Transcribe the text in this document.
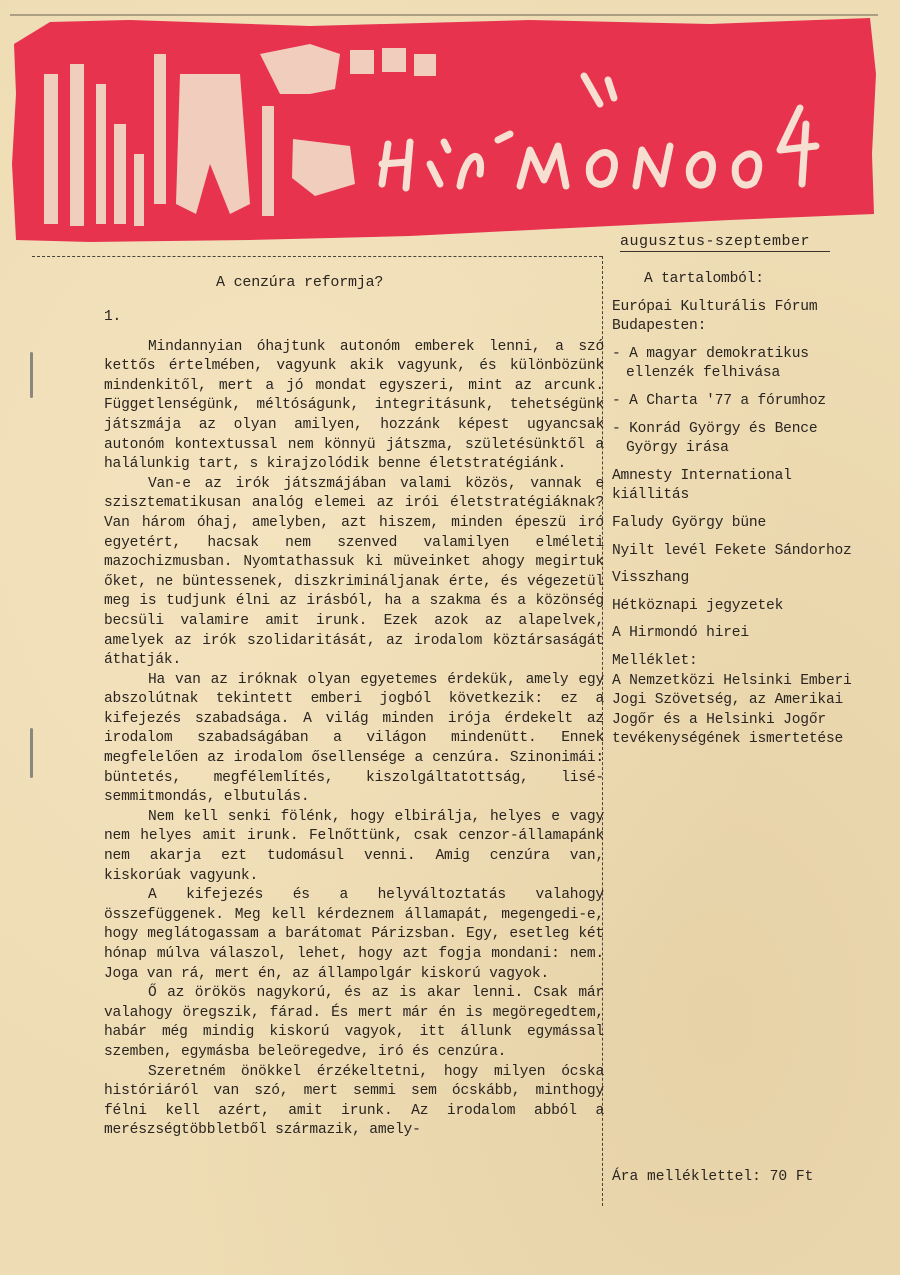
augusztus-szeptember
A cenzúra reformja?
1.

Mindannyian óhajtunk autonóm emberek lenni, a szó kettős értelmében, vagyunk akik vagyunk, és különbözünk mindenkitől, mert a jó mondat egyszeri, mint az arcunk. Függetlenségünk, méltóságunk, integritásunk, tehetségünk játszmája az olyan amilyen, hozzánk képest ugyancsak autonóm kontextussal nem könnyü játszma, születésünktől a halálunkig tart, s kirajzolódik benne életstratégiánk.

Van-e az irók játszmájában valami közös, vannak e szisztematikusan analóg elemei az irói életstratégiáknak? Van három óhaj, amelyben, azt hiszem, minden épeszü iró egyetért, hacsak nem szenved valamilyen elméleti mazochizmusban. Nyomtathassuk ki müveinket ahogy megirtuk őket, ne büntessenek, diszkrimináljanak érte, és végezetül meg is tudjunk élni az irásból, ha a szakma és a közönség becsüli valamire amit irunk. Ezek azok az alapelvek, amelyek az irók szolidaritását, az irodalom köztársaságát áthatják.

Ha van az iróknak olyan egyetemes érdekük, amely egy abszolútnak tekintett emberi jogból következik: ez a kifejezés szabadsága. A világ minden irója érdekelt az irodalom szabadságában a világon mindenütt. Ennek megfelelően az irodalom ősellensége a cenzúra. Szinonimái: büntetés, megfélemlítés, kiszolgáltatottság, lisé-semmitmondás, elbutulás.

Nem kell senki fölénk, hogy elbirálja, helyes e vagy nem helyes amit irunk. Felnőttünk, csak cenzor-államapánk nem akarja ezt tudomásul venni. Amig cenzúra van, kiskorúak vagyunk.

A kifejezés és a helyváltoztatás valahogy összefüggenek. Meg kell kérdeznem államapát, megengedi-e, hogy meglátogassam a barátomat Párizsban. Egy, esetleg két hónap múlva válaszol, lehet, hogy azt fogja mondani: nem. Joga van rá, mert én, az állampolgár kiskorú vagyok.

Ő az örökös nagykorú, és az is akar lenni. Csak már valahogy öregszik, fárad. És mert már én is megöregedtem, habár még mindig kiskorú vagyok, itt állunk egymással szemben, egymásba beleöregedve, iró és cenzúra.

Szeretném önökkel érzékeltetni, hogy milyen ócska históriáról van szó, mert semmi sem ócskább, minthogy félni kell azért, amit irunk. Az irodalom abból a merészségtöbbletből származik, amely-

A tartalomból:
Európai Kulturális Fórum Budapesten:
- A magyar demokratikus ellenzék felhivása
- A Charta '77 a fórumhoz
- Konrád György és Bence György irása
Amnesty International kiállitás
Faludy György büne
Nyilt levél Fekete Sándorhoz
Visszhang
Hétköznapi jegyzetek
A Hirmondó hirei
Melléklet:
A Nemzetközi Helsinki Emberi Jogi Szövetség, az Amerikai Jogőr és a Helsinki Jogőr tevékenységének ismertetése
Ára melléklettel: 70 Ft
